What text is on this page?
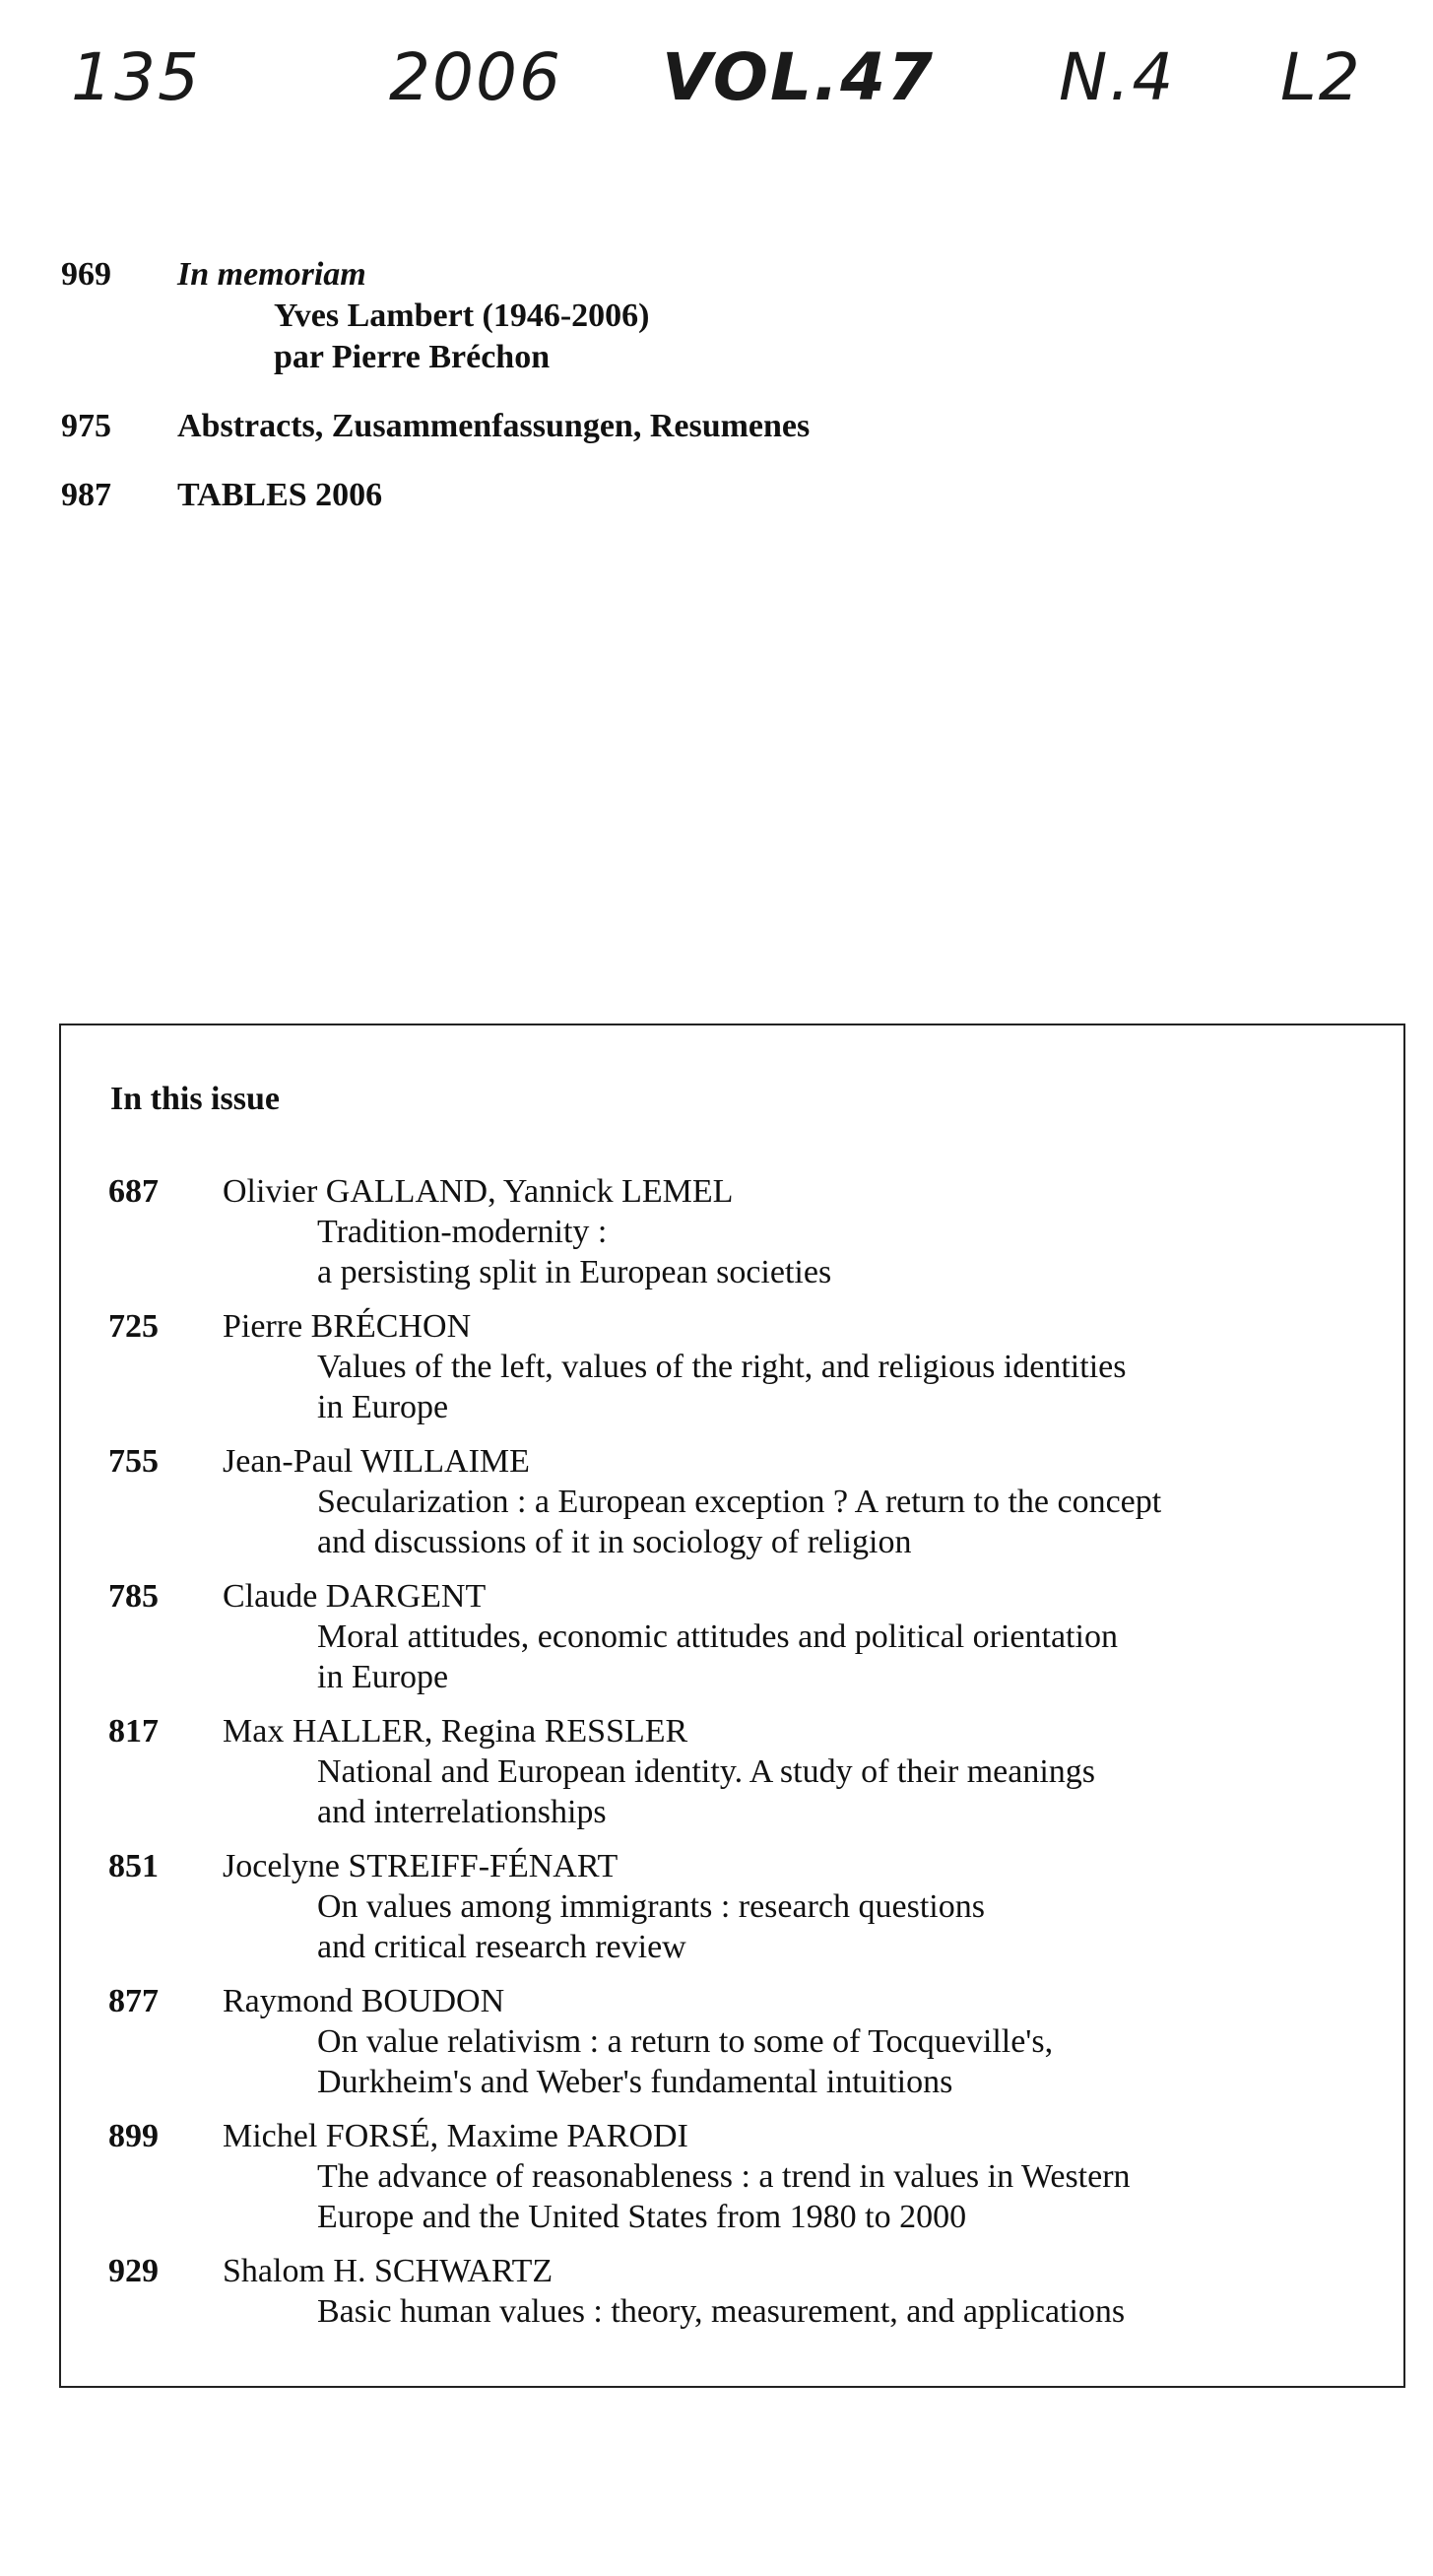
135	2006 VOL.47 N.4 L2
969	In memoriam
Yves Lambert (1946-2006)
par Pierre Bréchon
975	Abstracts, Zusammenfassungen, Resumenes
987	TABLES 2006
In this issue
687	Olivier GALLAND, Yannick LEMEL
Tradition-modernity :
a persisting split in European societies
725	Pierre BRÉCHON
Values of the left, values of the right, and religious identities
in Europe
755	Jean-Paul WILLAIME
Secularization : a European exception ? A return to the concept
and discussions of it in sociology of religion
785	Claude DARGENT
Moral attitudes, economic attitudes and political orientation
in Europe
817	Max HALLER, Regina RESSLER
National and European identity. A study of their meanings
and interrelationships
851	Jocelyne STREIFF-FÉNART
On values among immigrants : research questions
and critical research review
877	Raymond BOUDON
On value relativism : a return to some of Tocqueville's,
Durkheim's and Weber's fundamental intuitions
899	Michel FORSÉ, Maxime PARODI
The advance of reasonableness : a trend in values in Western
Europe and the United States from 1980 to 2000
929	Shalom H. SCHWARTZ
Basic human values : theory, measurement, and applications
